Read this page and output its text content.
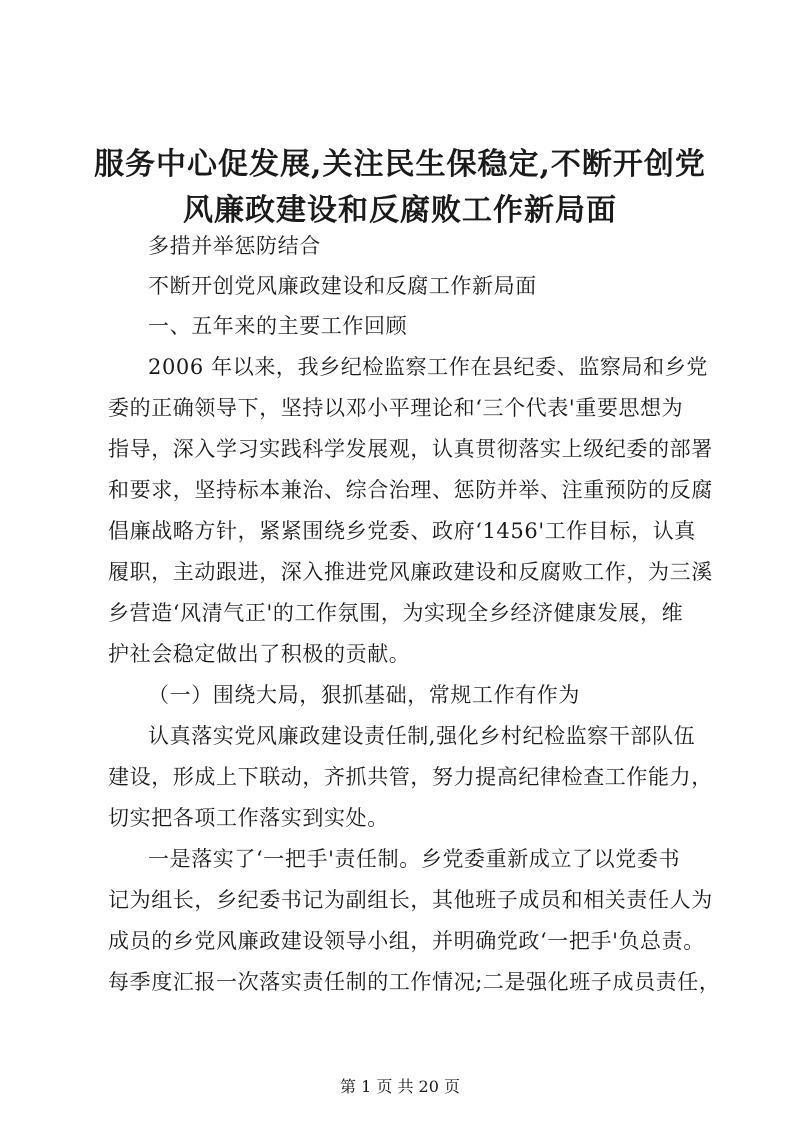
服务中心促发展,关注民生保稳定,不断开创党
风廉政建设和反腐败工作新局面
多措并举惩防结合
不断开创党风廉政建设和反腐工作新局面
一、五年来的主要工作回顾
2006 年以来，我乡纪检监察工作在县纪委、监察局和乡党
委的正确领导下，坚持以邓小平理论和‘三个代表'重要思想为
指导，深入学习实践科学发展观，认真贯彻落实上级纪委的部署
和要求，坚持标本兼治、综合治理、惩防并举、注重预防的反腐
倡廉战略方针，紧紧围绕乡党委、政府‘1456'工作目标，认真
履职，主动跟进，深入推进党风廉政建设和反腐败工作，为三溪
乡营造‘风清气正'的工作氛围，为实现全乡经济健康发展，维
护社会稳定做出了积极的贡献。
（一）围绕大局，狠抓基础，常规工作有作为
认真落实党风廉政建设责任制,强化乡村纪检监察干部队伍
建设，形成上下联动，齐抓共管，努力提高纪律检查工作能力，
切实把各项工作落实到实处。
一是落实了‘一把手'责任制。乡党委重新成立了以党委书
记为组长，乡纪委书记为副组长，其他班子成员和相关责任人为
成员的乡党风廉政建设领导小组，并明确党政‘一把手'负总责。
每季度汇报一次落实责任制的工作情况;二是强化班子成员责任，
第 1 页 共 20 页
